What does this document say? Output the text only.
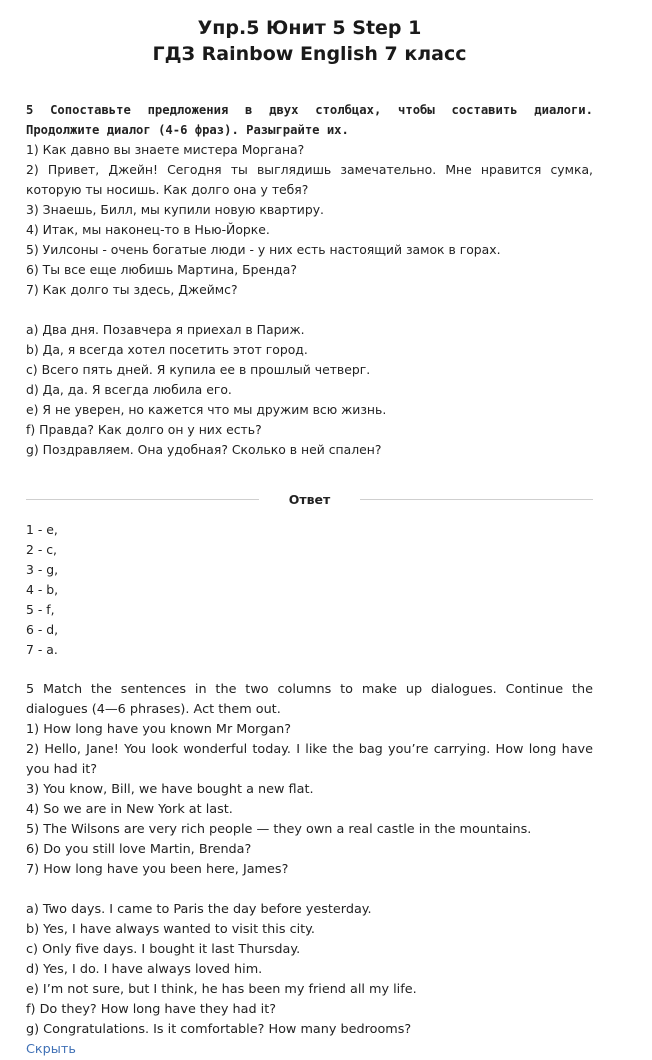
Упр.5 Юнит 5 Step 1
ГДЗ Rainbow English 7 класс
5 Сопоставьте предложения в двух столбцах, чтобы составить диалоги. Продолжите диалог (4-6 фраз). Разыграйте их.
1) Как давно вы знаете мистера Моргана?
2) Привет, Джейн! Сегодня ты выглядишь замечательно. Мне нравится сумка, которую ты носишь. Как долго она у тебя?
3) Знаешь, Билл, мы купили новую квартиру.
4) Итак, мы наконец-то в Нью-Йорке.
5) Уилсоны - очень богатые люди - у них есть настоящий замок в горах.
6) Ты все еще любишь Мартина, Бренда?
7) Как долго ты здесь, Джеймс?
a) Два дня. Позавчера я приехал в Париж.
b) Да, я всегда хотел посетить этот город.
c) Всего пять дней. Я купила ее в прошлый четверг.
d) Да, да. Я всегда любила его.
e) Я не уверен, но кажется что мы дружим всю жизнь.
f) Правда? Как долго он у них есть?
g) Поздравляем. Она удобная? Сколько в ней спален?
Ответ
1 - e,
2 - c,
3 - g,
4 - b,
5 - f,
6 - d,
7 - a.
5 Match the sentences in the two columns to make up dialogues. Continue the dialogues (4—6 phrases). Act them out.
1) How long have you known Mr Morgan?
2) Hello, Jane! You look wonderful today. I like the bag you’re carrying. How long have you had it?
3) You know, Bill, we have bought a new flat.
4) So we are in New York at last.
5) The Wilsons are very rich people — they own a real castle in the mountains.
6) Do you still love Martin, Brenda?
7) How long have you been here, James?
a) Two days. I came to Paris the day before yesterday.
b) Yes, I have always wanted to visit this city.
c) Only five days. I bought it last Thursday.
d) Yes, I do. I have always loved him.
e) I’m not sure, but I think, he has been my friend all my life.
f) Do they? How long have they had it?
g) Congratulations. Is it comfortable? How many bedrooms?
Скрыть
